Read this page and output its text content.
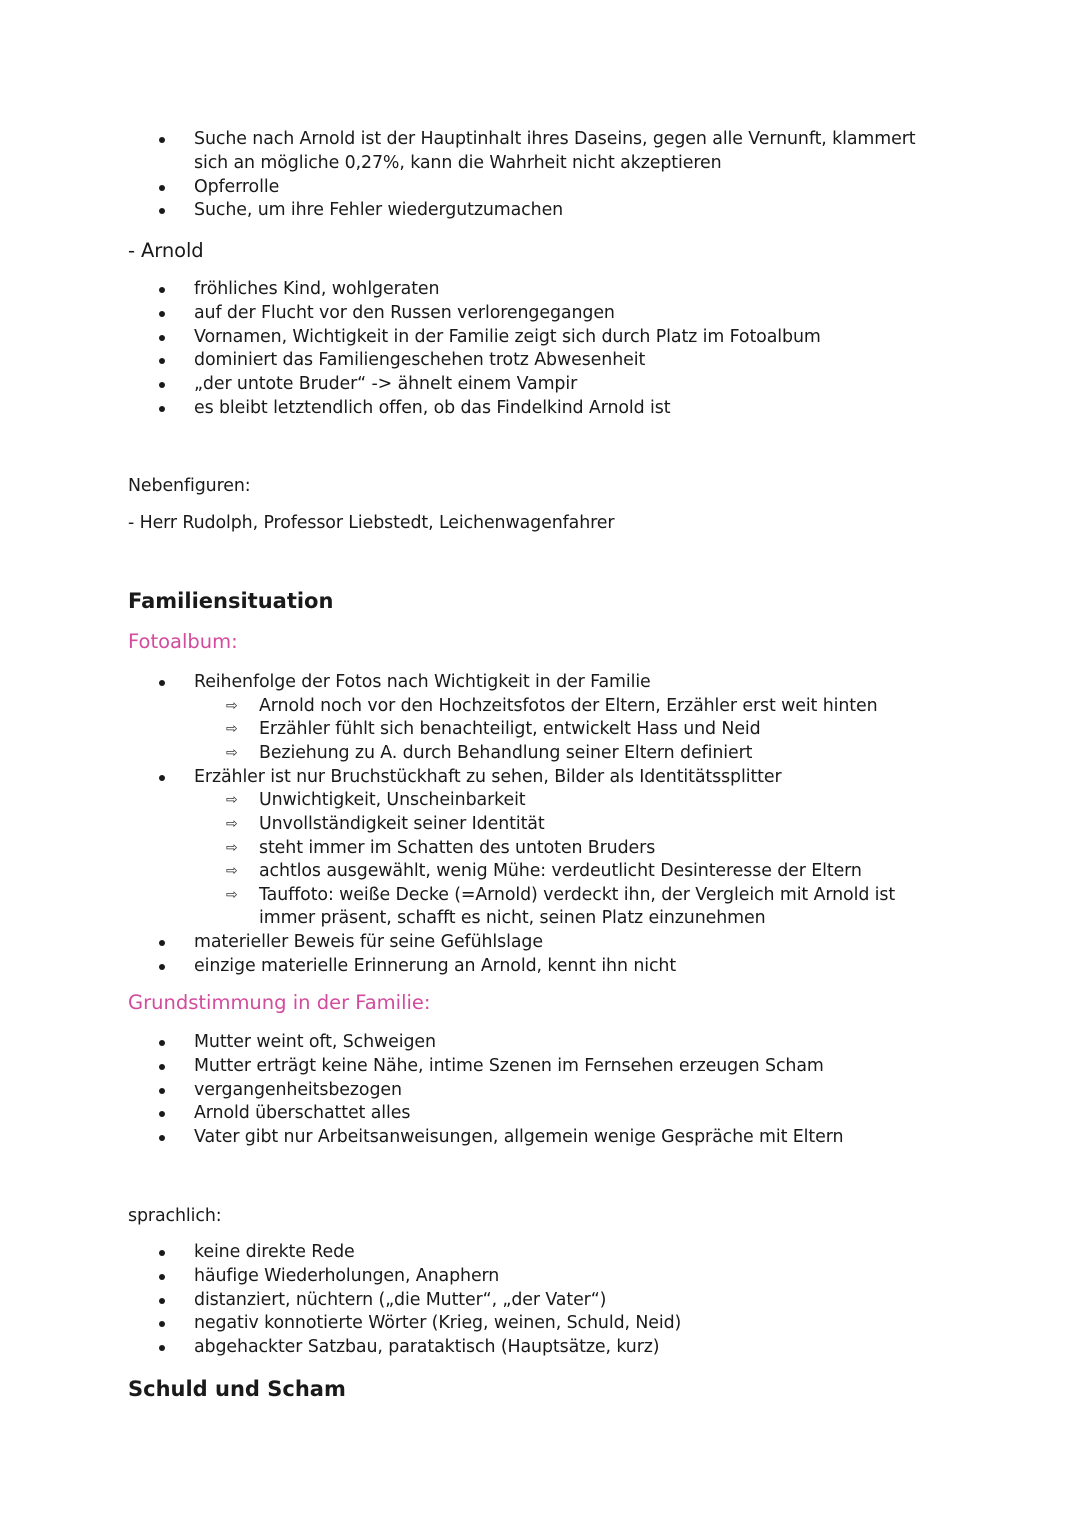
Suche nach Arnold ist der Hauptinhalt ihres Daseins, gegen alle Vernunft, klammert sich an mögliche 0,27%, kann die Wahrheit nicht akzeptieren
Opferrolle
Suche, um ihre Fehler wiedergutzumachen
- Arnold
fröhliches Kind, wohlgeraten
auf der Flucht vor den Russen verlorengegangen
Vornamen, Wichtigkeit in der Familie zeigt sich durch Platz im Fotoalbum
dominiert das Familiengeschehen trotz Abwesenheit
„der untote Bruder“ -> ähnelt einem Vampir
es bleibt letztendlich offen, ob das Findelkind Arnold ist
Nebenfiguren:
- Herr Rudolph, Professor Liebstedt, Leichenwagenfahrer
Familiensituation
Fotoalbum:
Reihenfolge der Fotos nach Wichtigkeit in der Familie
⇨ Arnold noch vor den Hochzeitsfotos der Eltern, Erzähler erst weit hinten
⇨ Erzähler fühlt sich benachteiligt, entwickelt Hass und Neid
⇨ Beziehung zu A. durch Behandlung seiner Eltern definiert
Erzähler ist nur Bruchstückhaft zu sehen, Bilder als Identitätssplitter
⇨ Unwichtigkeit, Unscheinbarkeit
⇨ Unvollständigkeit seiner Identität
⇨ steht immer im Schatten des untoten Bruders
⇨ achtlos ausgewählt, wenig Mühe: verdeutlicht Desinteresse der Eltern
⇨ Tauffoto: weiße Decke (=Arnold) verdeckt ihn, der Vergleich mit Arnold ist immer präsent, schafft es nicht, seinen Platz einzunehmen
materieller Beweis für seine Gefühlslage
einzige materielle Erinnerung an Arnold, kennt ihn nicht
Grundstimmung in der Familie:
Mutter weint oft, Schweigen
Mutter erträgt keine Nähe, intime Szenen im Fernsehen erzeugen Scham
vergangenheitsbezogen
Arnold überschattet alles
Vater gibt nur Arbeitsanweisungen, allgemein wenige Gespräche mit Eltern
sprachlich:
keine direkte Rede
häufige Wiederholungen, Anaphern
distanziert, nüchtern („die Mutter“, „der Vater“)
negativ konnotierte Wörter (Krieg, weinen, Schuld, Neid)
abgehackter Satzbau, parataktisch (Hauptsätze, kurz)
Schuld und Scham
